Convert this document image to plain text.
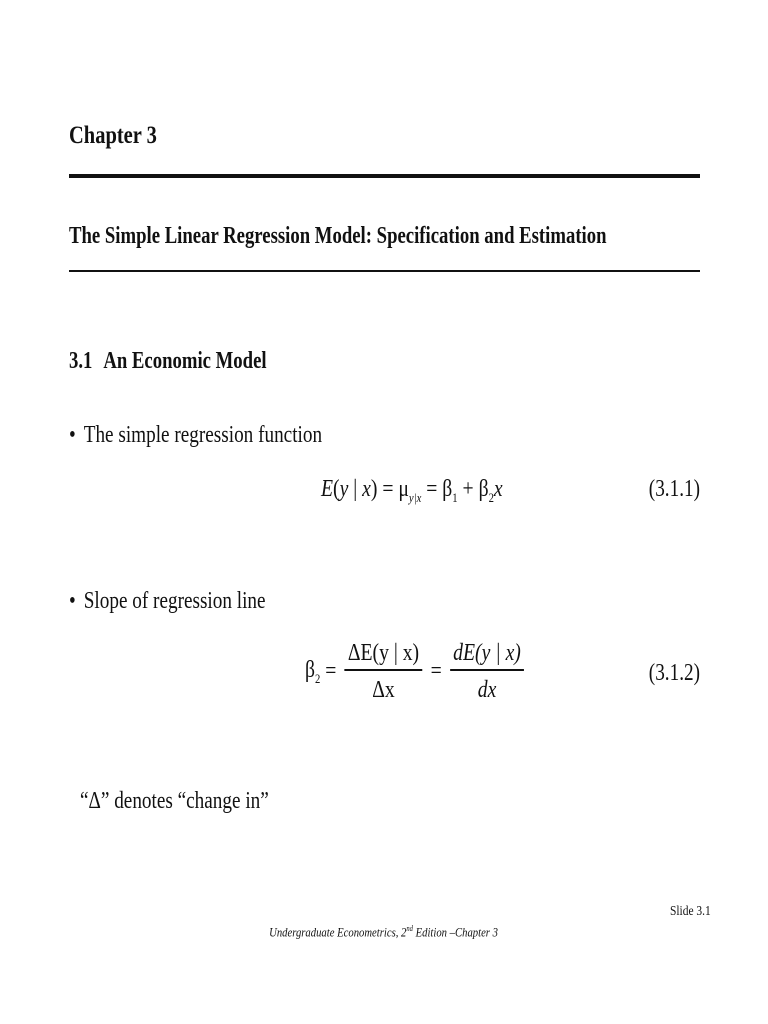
Chapter 3
The Simple Linear Regression Model: Specification and Estimation
3.1 An Economic Model
• The simple regression function
E(y | $x) = \mu_{y|x} = \beta_1 + \beta_2x$	(3.1.1)
• Slope of regression line
$\beta_2 = \frac{\Delta E(y | x)}{\Delta x} = \frac{dE(y | x)}{dx}$	(3.1.2)
“Δ” denotes “change in”
Slide 3.1
Undergraduate Econometrics, 2nd Edition –Chapter 3
